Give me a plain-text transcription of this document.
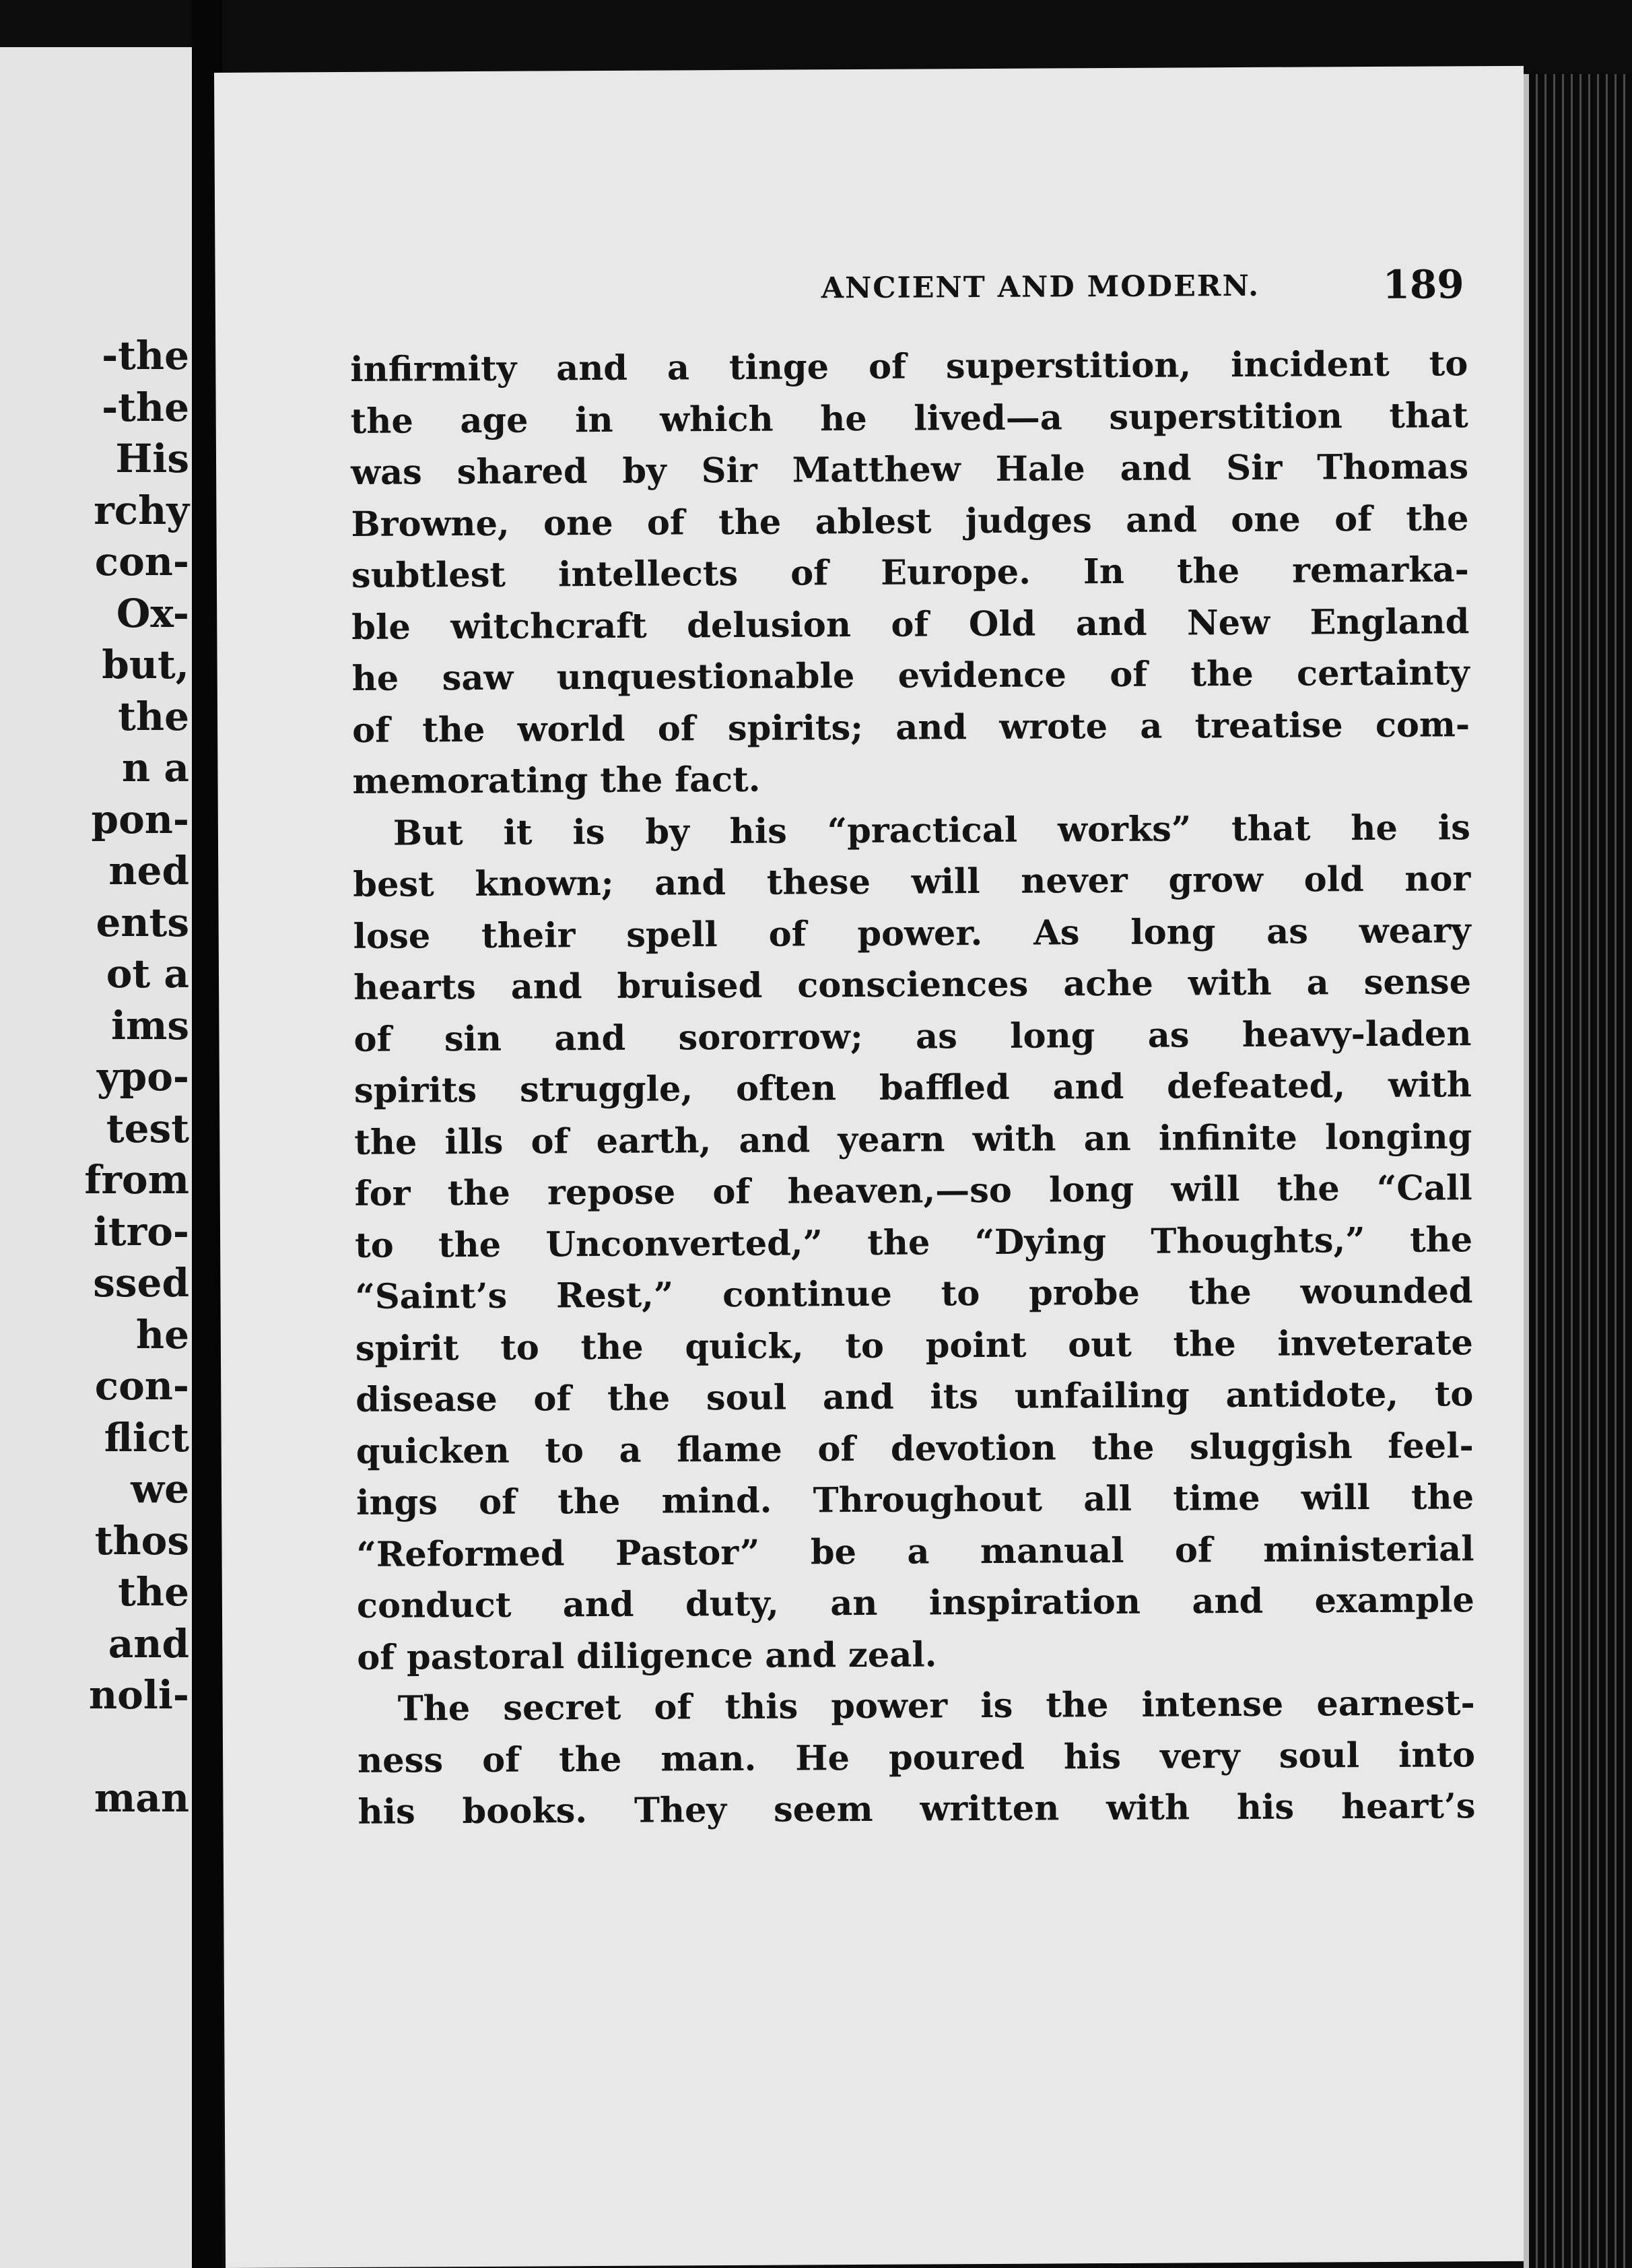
-the
-the
His
rchy
con-
Ox-
but,
the
n a
pon-
ned
ents
ot a
ims
ypo-
test
from
itro-
ssed
he
con-
flict
we
thos
the
and
noli-
man
ANCIENT AND MODERN.	189
infirmity and a tinge of superstition, incident to
the age in which he lived—a superstition that
was shared by Sir Matthew Hale and Sir Thomas
Browne, one of the ablest judges and one of the
subtlest intellects of Europe. In the remarka-
ble witchcraft delusion of Old and New England
he saw unquestionable evidence of the certainty
of the world of spirits; and wrote a treatise com-
memorating the fact.
But it is by his “practical works” that he is
best known; and these will never grow old nor
lose their spell of power. As long as weary
hearts and bruised consciences ache with a sense
of sin and sororrow; as long as heavy-laden
spirits struggle, often baffled and defeated, with
the ills of earth, and yearn with an infinite longing
for the repose of heaven,—so long will the “Call
to the Unconverted,” the “Dying Thoughts,” the
“Saint’s Rest,” continue to probe the wounded
spirit to the quick, to point out the inveterate
disease of the soul and its unfailing antidote, to
quicken to a flame of devotion the sluggish feel-
ings of the mind. Throughout all time will the
“Reformed Pastor” be a manual of ministerial
conduct and duty, an inspiration and example
of pastoral diligence and zeal.
The secret of this power is the intense earnest-
ness of the man. He poured his very soul into
his books. They seem written with his heart’s
